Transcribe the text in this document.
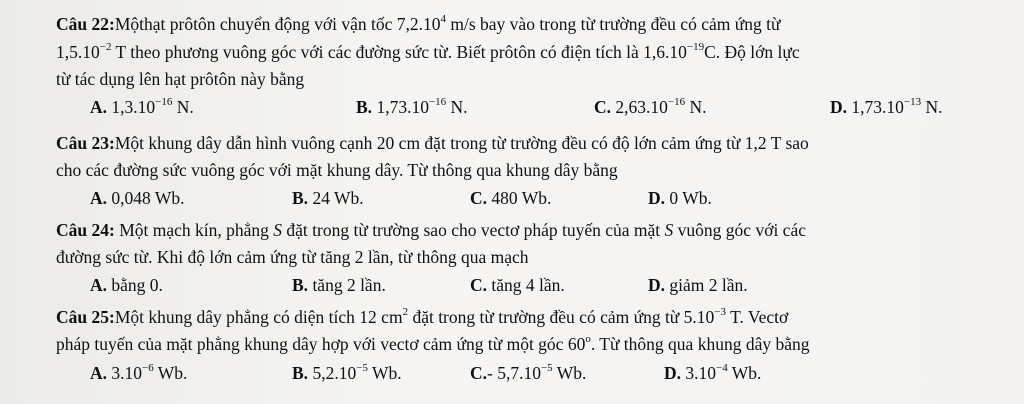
Câu 22:Mộthạt prôtôn chuyển động với vận tốc 7,2.10$^4$ m/s bay vào trong từ trường đều có cảm ứng từ
$1,5.10^{-2}$ T theo phương vuông góc với các đường sức từ. Biết prôtôn có điện tích là $1,6.10^{-19}C$. Độ lớn lực
từ tác dụng lên hạt prôtôn này bằng
A. $1,3.10^{-16}$ N.	B. $1,73.10^{-16}$ N.	C. $2,63.10^{-16}$ N.	D. $1,73.10^{-13}$ N.
Câu 23:Một khung dây dẫn hình vuông cạnh 20 cm đặt trong từ trường đều có độ lớn cảm ứng từ 1,2 T sao
cho các đường sức vuông góc với mặt khung dây. Từ thông qua khung dây bằng
A. 0,048 Wb.	B. 24 Wb.	C. 480 Wb.	D. 0 Wb.
Câu 24: Một mạch kín, phẳng S đặt trong từ trường sao cho vectơ pháp tuyến của mặt S vuông góc với các
đường sức từ. Khi độ lớn cảm ứng từ tăng 2 lần, từ thông qua mạch
A. bằng 0.	B. tăng 2 lần.	C. tăng 4 lần.	D. giảm 2 lần.
Câu 25:Một khung dây phẳng có diện tích 12 $cm^2$ đặt trong từ trường đều có cảm ứng từ $5.10^{-3}$ T. Vectơ
pháp tuyến của mặt phẳng khung dây hợp với vectơ cảm ứng từ một góc 60$^o$. Từ thông qua khung dây bằng
A. $3.10^{-6}$ Wb.	B. $5,2.10^{-5}$ Wb.	C.- $5,7.10^{-5}$ Wb.	D. $3.10^{-4}$ Wb.
